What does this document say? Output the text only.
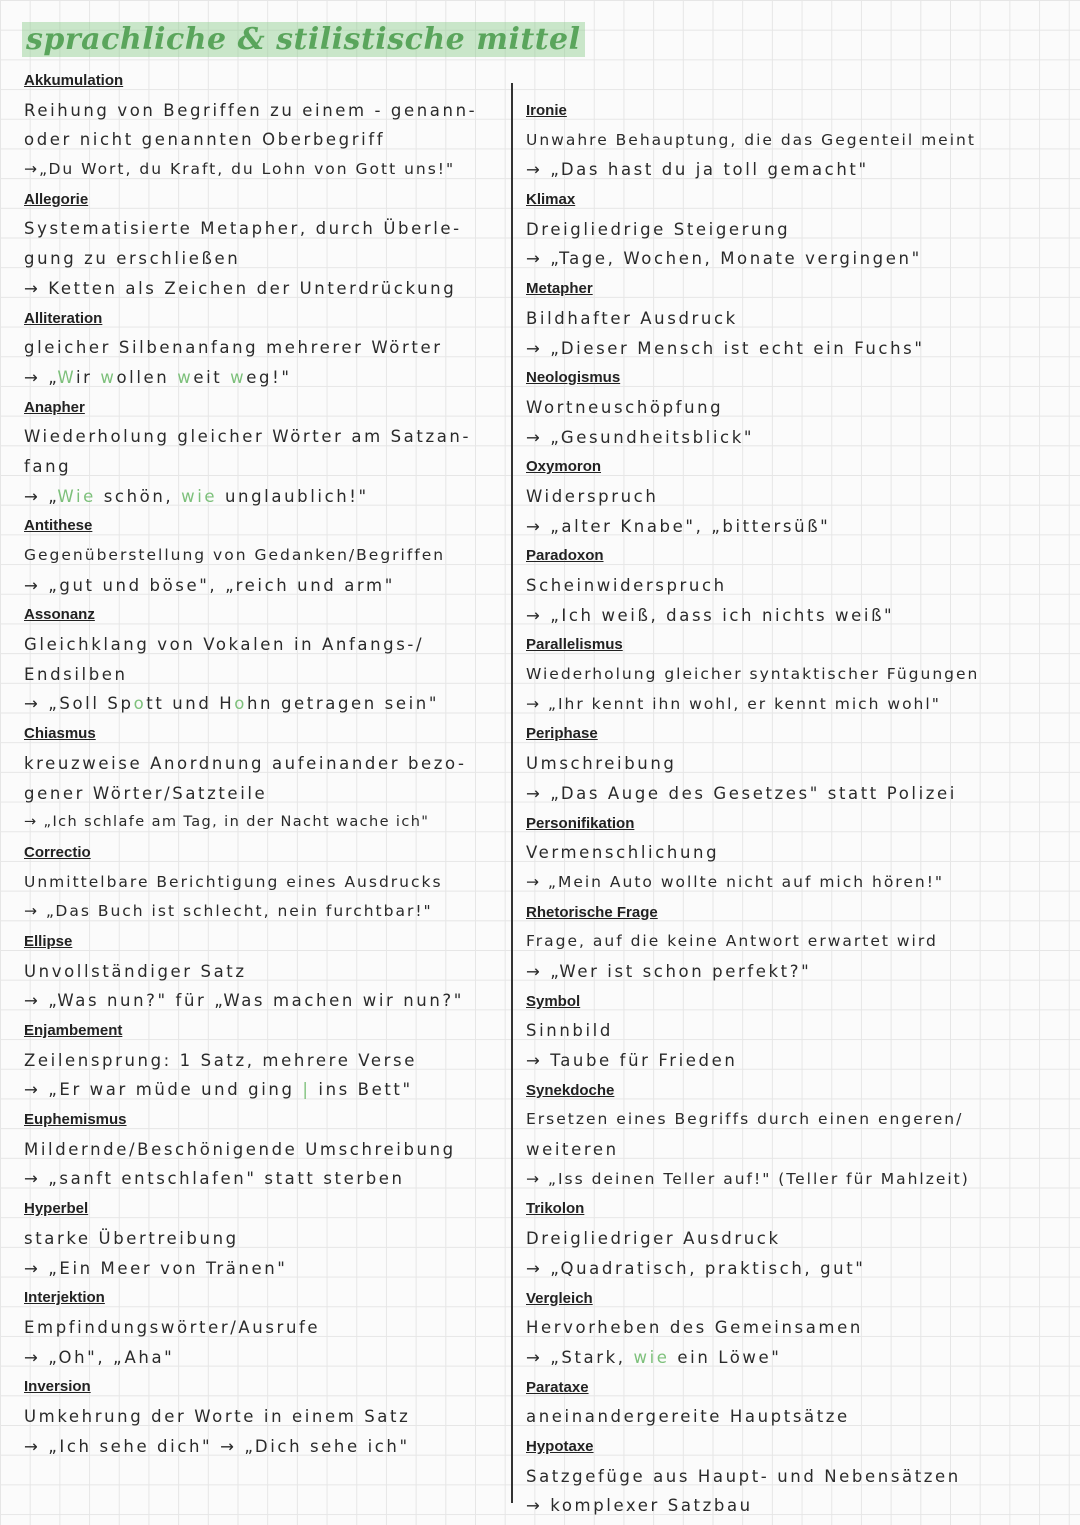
sprachliche & stilistische mittel
Akkumulation
Reihung von Begriffen zu einem - genann-
oder nicht genannten Oberbegriff
→„Du Wort, du Kraft, du Lohn von Gott uns!"
Allegorie
Systematisierte Metapher, durch Überle-
gung zu erschließen
→ Ketten als Zeichen der Unterdrückung
Alliteration
gleicher Silbenanfang mehrerer Wörter
→ „Wir wollen weit weg!"
Anapher
Wiederholung gleicher Wörter am Satzan-
fang
→ „Wie schön, wie unglaublich!"
Antithese
Gegenüberstellung von Gedanken/Begriffen
→ „gut und böse", „reich und arm"
Assonanz
Gleichklang von Vokalen in Anfangs-/
Endsilben
→ „Soll Spott und Hohn getragen sein"
Chiasmus
kreuzweise Anordnung aufeinander bezo-
gener Wörter/Satzteile
→ „Ich schlafe am Tag, in der Nacht wache ich"
Correctio
Unmittelbare Berichtigung eines Ausdrucks
→ „Das Buch ist schlecht, nein furchtbar!"
Ellipse
Unvollständiger Satz
→ „Was nun?" für „Was machen wir nun?"
Enjambement
Zeilensprung: 1 Satz, mehrere Verse
→ „Er war müde und ging | ins Bett"
Euphemismus
Mildernde/Beschönigende Umschreibung
→ „sanft entschlafen" statt sterben
Hyperbel
starke Übertreibung
→ „Ein Meer von Tränen"
Interjektion
Empfindungswörter/Ausrufe
→ „Oh", „Aha"
Inversion
Umkehrung der Worte in einem Satz
→ „Ich sehe dich" → „Dich sehe ich"
Ironie
Unwahre Behauptung, die das Gegenteil meint
→ „Das hast du ja toll gemacht"
Klimax
Dreigliedrige Steigerung
→ „Tage, Wochen, Monate vergingen"
Metapher
Bildhafter Ausdruck
→ „Dieser Mensch ist echt ein Fuchs"
Neologismus
Wortneuschöpfung
→ „Gesundheitsblick"
Oxymoron
Widerspruch
→ „alter Knabe", „bittersüß"
Paradoxon
Scheinwiderspruch
→ „Ich weiß, dass ich nichts weiß"
Parallelismus
Wiederholung gleicher syntaktischer Fügungen
→ „Ihr kennt ihn wohl, er kennt mich wohl"
Periphase
Umschreibung
→ „Das Auge des Gesetzes" statt Polizei
Personifikation
Vermenschlichung
→ „Mein Auto wollte nicht auf mich hören!"
Rhetorische Frage
Frage, auf die keine Antwort erwartet wird
→ „Wer ist schon perfekt?"
Symbol
Sinnbild
→ Taube für Frieden
Synekdoche
Ersetzen eines Begriffs durch einen engeren/
weiteren
→ „Iss deinen Teller auf!" (Teller für Mahlzeit)
Trikolon
Dreigliedriger Ausdruck
→ „Quadratisch, praktisch, gut"
Vergleich
Hervorheben des Gemeinsamen
→ „Stark, wie ein Löwe"
Parataxe
aneinandergereite Hauptsätze
Hypotaxe
Satzgefüge aus Haupt- und Nebensätzen
→ komplexer Satzbau
